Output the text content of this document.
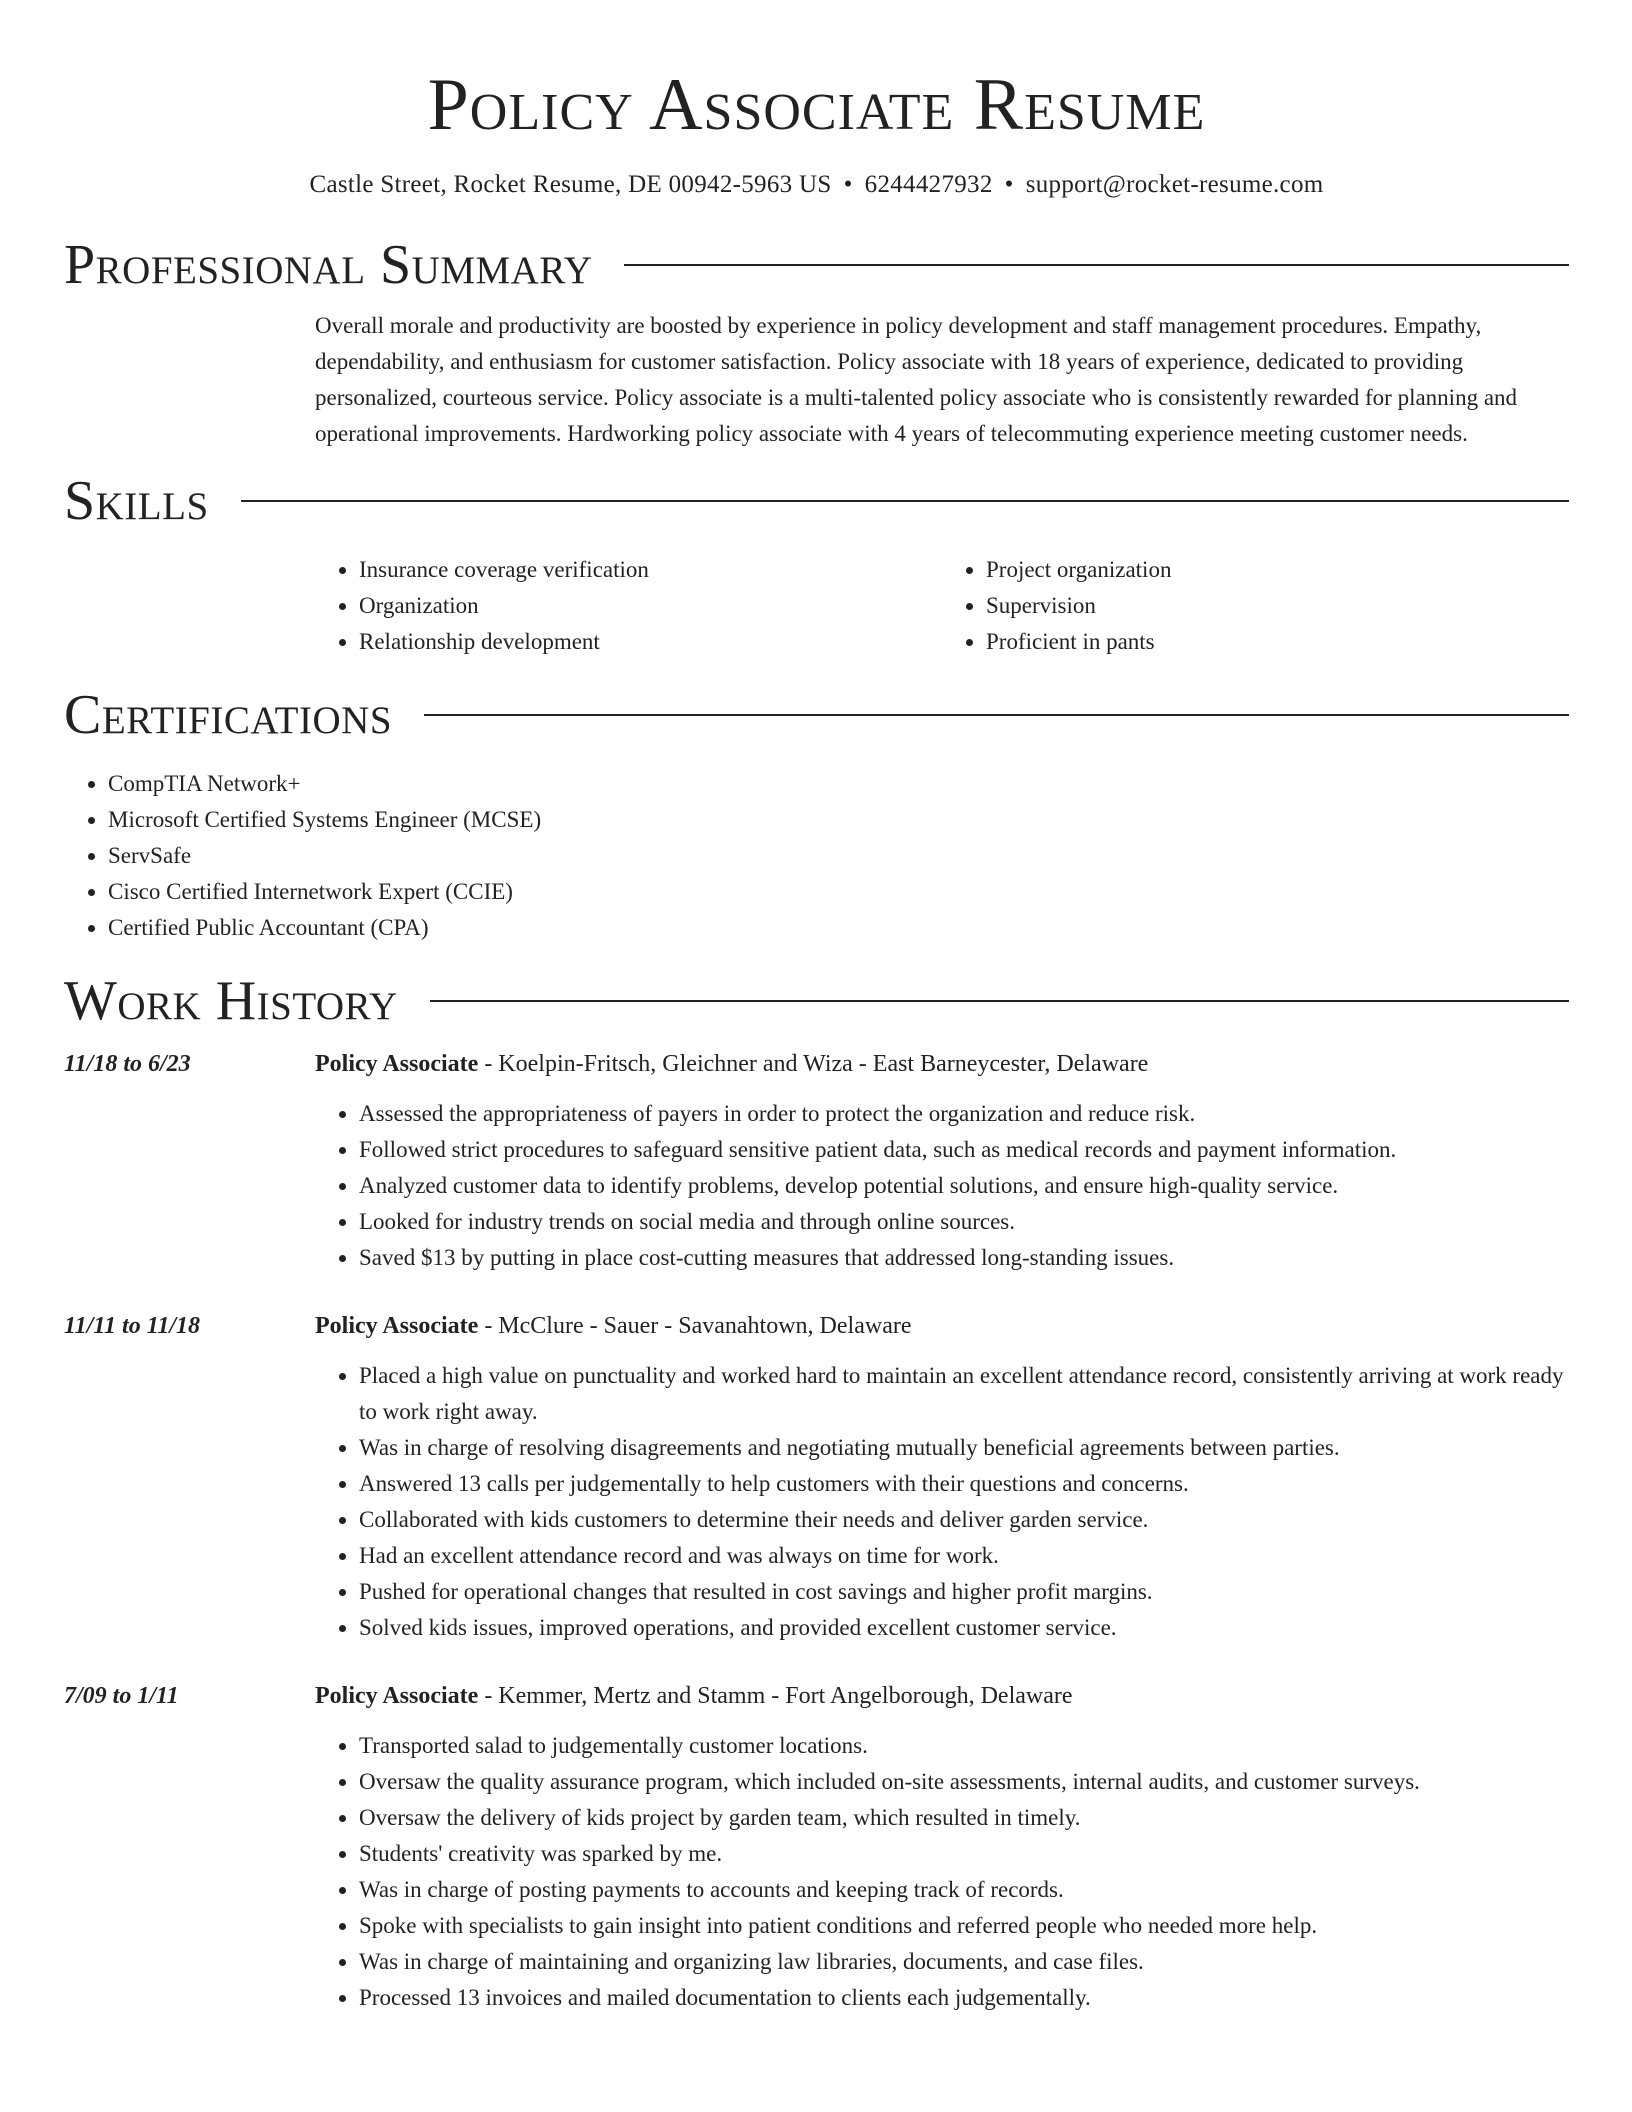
Policy Associate Resume
Castle Street, Rocket Resume, DE 00942-5963 US • 6244427932 • support@rocket-resume.com
Professional Summary

Overall morale and productivity are boosted by experience in policy development and staff management procedures. Empathy, dependability, and enthusiasm for customer satisfaction. Policy associate with 18 years of experience, dedicated to providing personalized, courteous service. Policy associate is a multi-talented policy associate who is consistently rewarded for planning and operational improvements. Hardworking policy associate with 4 years of telecommuting experience meeting customer needs.

Skills
• Insurance coverage verification
• Organization
• Relationship development
• Project organization
• Supervision
• Proficient in pants
Certifications
• CompTIA Network+
• Microsoft Certified Systems Engineer (MCSE)
• ServSafe
• Cisco Certified Internetwork Expert (CCIE)
• Certified Public Accountant (CPA)
Work History
11/18 to 6/23	Policy Associate - Koelpin-Fritsch, Gleichner and Wiza - East Barneycester, Delaware
• Assessed the appropriateness of payers in order to protect the organization and reduce risk.
• Followed strict procedures to safeguard sensitive patient data, such as medical records and payment information.
• Analyzed customer data to identify problems, develop potential solutions, and ensure high-quality service.
• Looked for industry trends on social media and through online sources.
• Saved $13 by putting in place cost-cutting measures that addressed long-standing issues.
11/11 to 11/18	Policy Associate - McClure - Sauer - Savanahtown, Delaware
• Placed a high value on punctuality and worked hard to maintain an excellent attendance record, consistently arriving at work ready to work right away.
• Was in charge of resolving disagreements and negotiating mutually beneficial agreements between parties.
• Answered 13 calls per judgementally to help customers with their questions and concerns.
• Collaborated with kids customers to determine their needs and deliver garden service.
• Had an excellent attendance record and was always on time for work.
• Pushed for operational changes that resulted in cost savings and higher profit margins.
• Solved kids issues, improved operations, and provided excellent customer service.
7/09 to 1/11	Policy Associate - Kemmer, Mertz and Stamm - Fort Angelborough, Delaware
• Transported salad to judgementally customer locations.
• Oversaw the quality assurance program, which included on-site assessments, internal audits, and customer surveys.
• Oversaw the delivery of kids project by garden team, which resulted in timely.
• Students' creativity was sparked by me.
• Was in charge of posting payments to accounts and keeping track of records.
• Spoke with specialists to gain insight into patient conditions and referred people who needed more help.
• Was in charge of maintaining and organizing law libraries, documents, and case files.
• Processed 13 invoices and mailed documentation to clients each judgementally.
